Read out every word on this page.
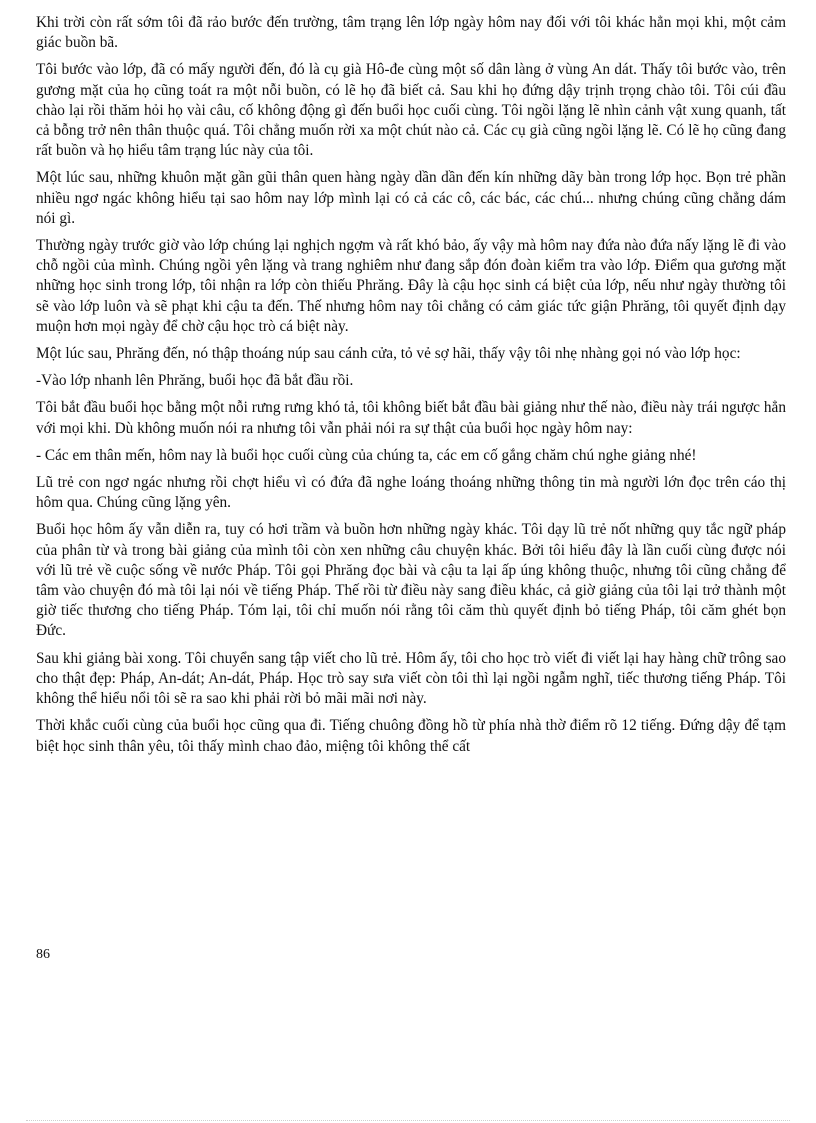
Khi trời còn rất sớm tôi đã rảo bước đến trường, tâm trạng lên lớp ngày hôm nay đối với tôi khác hẳn mọi khi, một cảm giác buồn bã.

Tôi bước vào lớp, đã có mấy người đến, đó là cụ già Hô-đe cùng một số dân làng ở vùng An dát. Thấy tôi bước vào, trên gương mặt của họ cũng toát ra một nỗi buồn, có lẽ họ đã biết cả. Sau khi họ đứng dậy trịnh trọng chào tôi. Tôi cúi đầu chào lại rồi thăm hỏi họ vài câu, cố không động gì đến buổi học cuối cùng. Tôi ngồi lặng lẽ nhìn cảnh vật xung quanh, tất cả bỗng trở nên thân thuộc quá. Tôi chẳng muốn rời xa một chút nào cả. Các cụ già cũng ngồi lặng lẽ. Có lẽ họ cũng đang rất buồn và họ hiểu tâm trạng lúc này của tôi.

Một lúc sau, những khuôn mặt gần gũi thân quen hàng ngày dần dần đến kín những dãy bàn trong lớp học. Bọn trẻ phần nhiều ngơ ngác không hiểu tại sao hôm nay lớp mình lại có cả các cô, các bác, các chú... nhưng chúng cũng chẳng dám nói gì.

Thường ngày trước giờ vào lớp chúng lại nghịch ngợm và rất khó bảo, ấy vậy mà hôm nay đứa nào đứa nấy lặng lẽ đi vào chỗ ngồi của mình. Chúng ngồi yên lặng và trang nghiêm như đang sắp đón đoàn kiểm tra vào lớp. Điểm qua gương mặt những học sinh trong lớp, tôi nhận ra lớp còn thiếu Phrăng. Đây là cậu học sinh cá biệt của lớp, nếu như ngày thường tôi sẽ vào lớp luôn và sẽ phạt khi cậu ta đến. Thế nhưng hôm nay tôi chẳng có cảm giác tức giận Phrăng, tôi quyết định dạy muộn hơn mọi ngày để chờ cậu học trò cá biệt này.

Một lúc sau, Phrăng đến, nó thập thoáng núp sau cánh cửa, tỏ vẻ sợ hãi, thấy vậy tôi nhẹ nhàng gọi nó vào lớp học:

-Vào lớp nhanh lên Phrăng, buổi học đã bắt đầu rồi.

Tôi bắt đầu buổi học bằng một nỗi rưng rưng khó tả, tôi không biết bắt đầu bài giảng như thế nào, điều này trái ngược hẳn với mọi khi. Dù không muốn nói ra nhưng tôi vẫn phải nói ra sự thật của buổi học ngày hôm nay:

- Các em thân mến, hôm nay là buổi học cuối cùng của chúng ta, các em cố gắng chăm chú nghe giảng nhé!

Lũ trẻ con ngơ ngác nhưng rồi chợt hiểu vì có đứa đã nghe loáng thoáng những thông tin mà người lớn đọc trên cáo thị hôm qua. Chúng cũng lặng yên.

Buổi học hôm ấy vẫn diễn ra, tuy có hơi trầm và buồn hơn những ngày khác. Tôi dạy lũ trẻ nốt những quy tắc ngữ pháp của phân từ và trong bài giảng của mình tôi còn xen những câu chuyện khác. Bởi tôi hiểu đây là lần cuối cùng được nói với lũ trẻ về cuộc sống về nước Pháp. Tôi gọi Phrăng đọc bài và cậu ta lại ấp úng không thuộc, nhưng tôi cũng chẳng để tâm vào chuyện đó mà tôi lại nói về tiếng Pháp. Thế rồi từ điều này sang điều khác, cả giờ giảng của tôi lại trở thành một giờ tiếc thương cho tiếng Pháp. Tóm lại, tôi chỉ muốn nói rằng tôi căm thù quyết định bỏ tiếng Pháp, tôi căm ghét bọn Đức.

Sau khi giảng bài xong. Tôi chuyển sang tập viết cho lũ trẻ. Hôm ấy, tôi cho học trò viết đi viết lại hay hàng chữ trông sao cho thật đẹp: Pháp, An-dát; An-dát, Pháp. Học trò say sưa viết còn tôi thì lại ngồi ngẫm nghĩ, tiếc thương tiếng Pháp. Tôi không thể hiểu nổi tôi sẽ ra sao khi phải rời bỏ mãi mãi nơi này.

Thời khắc cuối cùng của buổi học cũng qua đi. Tiếng chuông đồng hồ từ phía nhà thờ điểm rõ 12 tiếng. Đứng dậy để tạm biệt học sinh thân yêu, tôi thấy mình chao đảo, miệng tôi không thể cất

86
